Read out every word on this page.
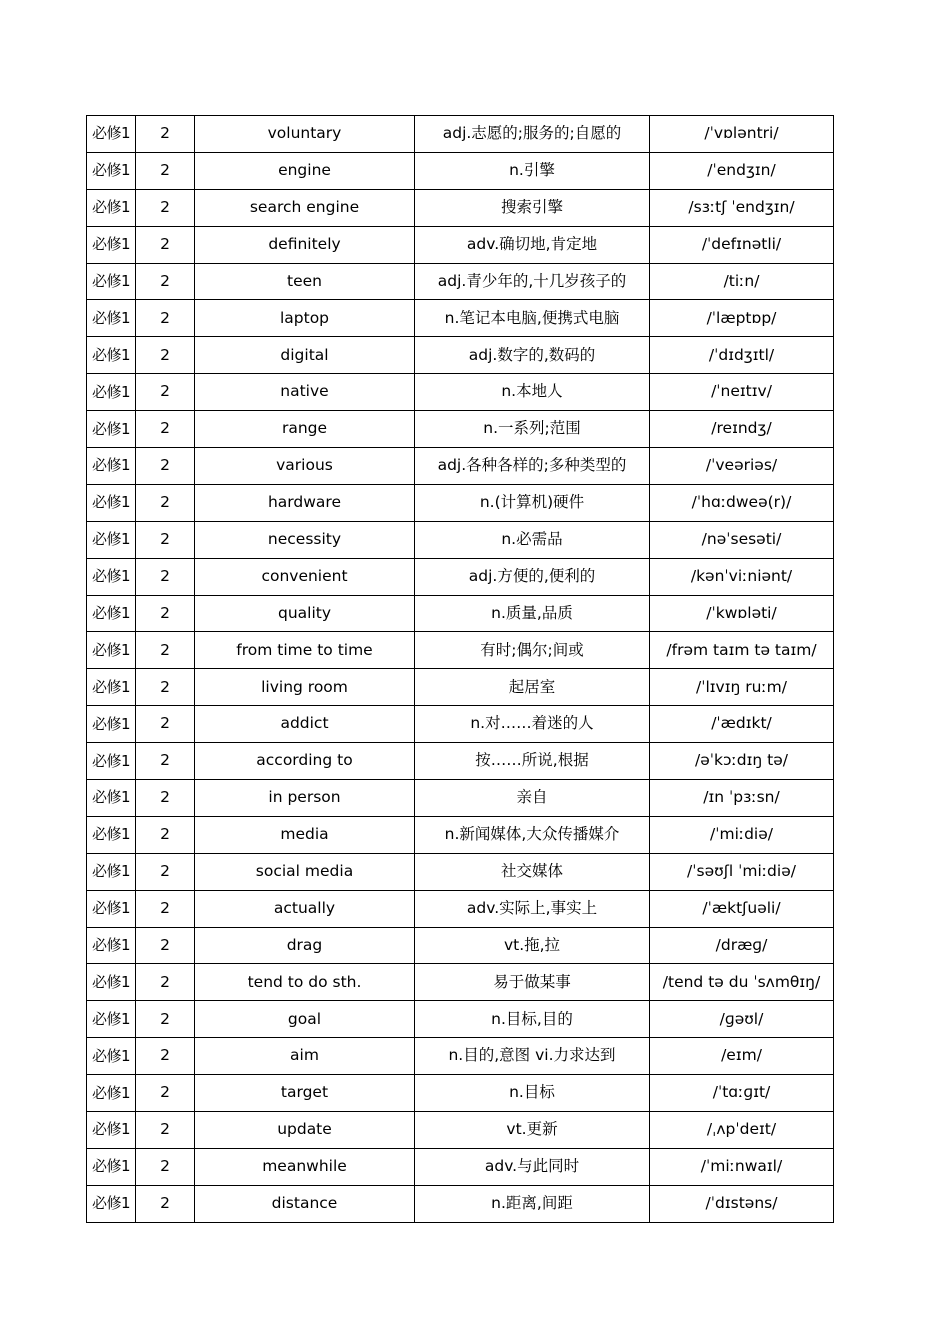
必修1	2	voluntary	adj.志愿的;服务的;自愿的	/ˈvɒləntri/
必修1	2	engine	n.引擎	/ˈendʒɪn/
必修1	2	search engine	搜索引擎	/sɜːtʃ ˈendʒɪn/
必修1	2	definitely	adv.确切地,肯定地	/ˈdefɪnətli/
必修1	2	teen	adj.青少年的,十几岁孩子的	/tiːn/
必修1	2	laptop	n.笔记本电脑,便携式电脑	/ˈlæptɒp/
必修1	2	digital	adj.数字的,数码的	/ˈdɪdʒɪtl/
必修1	2	native	n.本地人	/ˈneɪtɪv/
必修1	2	range	n.一系列;范围	/reɪndʒ/
必修1	2	various	adj.各种各样的;多种类型的	/ˈveəriəs/
必修1	2	hardware	n.(计算机)硬件	/ˈhɑːdweə(r)/
必修1	2	necessity	n.必需品	/nəˈsesəti/
必修1	2	convenient	adj.方便的,便利的	/kənˈviːniənt/
必修1	2	quality	n.质量,品质	/ˈkwɒləti/
必修1	2	from time to time	有时;偶尔;间或	/frəm taɪm tə taɪm/
必修1	2	living room	起居室	/ˈlɪvɪŋ ruːm/
必修1	2	addict	n.对……着迷的人	/ˈædɪkt/
必修1	2	according to	按……所说,根据	/əˈkɔːdɪŋ tə/
必修1	2	in person	亲自	/ɪn ˈpɜːsn/
必修1	2	media	n.新闻媒体,大众传播媒介	/ˈmiːdiə/
必修1	2	social media	社交媒体	/ˈsəʊʃl ˈmiːdiə/
必修1	2	actually	adv.实际上,事实上	/ˈæktʃuəli/
必修1	2	drag	vt.拖,拉	/dræɡ/
必修1	2	tend to do sth.	易于做某事	/tend tə du ˈsʌmθɪŋ/
必修1	2	goal	n.目标,目的	/ɡəʊl/
必修1	2	aim	n.目的,意图 vi.力求达到	/eɪm/
必修1	2	target	n.目标	/ˈtɑːɡɪt/
必修1	2	update	vt.更新	/ˌʌpˈdeɪt/
必修1	2	meanwhile	adv.与此同时	/ˈmiːnwaɪl/
必修1	2	distance	n.距离,间距	/ˈdɪstəns/
